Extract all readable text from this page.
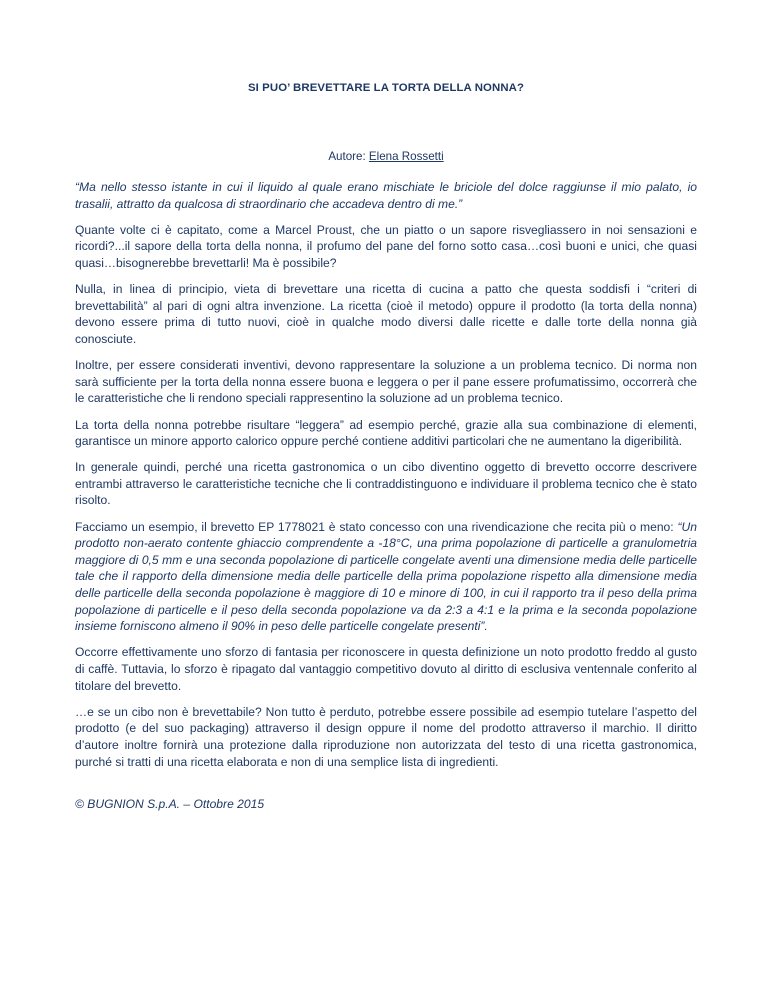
SI PUO’ BREVETTARE LA TORTA DELLA NONNA?
Autore: Elena Rossetti

“Ma nello stesso istante in cui il liquido al quale erano mischiate le briciole del dolce raggiunse il mio palato, io trasalii, attratto da qualcosa di straordinario che accadeva dentro di me.”

Quante volte ci è capitato, come a Marcel Proust, che un piatto o un sapore risvegliassero in noi sensazioni e ricordi?...il sapore della torta della nonna, il profumo del pane del forno sotto casa…così buoni e unici, che quasi quasi…bisognerebbe brevettarli! Ma è possibile?

Nulla, in linea di principio, vieta di brevettare una ricetta di cucina a patto che questa soddisfi i “criteri di brevettabilità” al pari di ogni altra invenzione. La ricetta (cioè il metodo) oppure il prodotto (la torta della nonna) devono essere prima di tutto nuovi, cioè in qualche modo diversi dalle ricette e dalle torte della nonna già conosciute.

Inoltre, per essere considerati inventivi, devono rappresentare la soluzione a un problema tecnico. Di norma non sarà sufficiente per la torta della nonna essere buona e leggera o per il pane essere profumatissimo, occorrerà che le caratteristiche che li rendono speciali rappresentino la soluzione ad un problema tecnico.

La torta della nonna potrebbe risultare “leggera” ad esempio perché, grazie alla sua combinazione di elementi, garantisce un minore apporto calorico oppure perché contiene additivi particolari che ne aumentano la digeribilità.

In generale quindi, perché una ricetta gastronomica o un cibo diventino oggetto di brevetto occorre descrivere entrambi attraverso le caratteristiche tecniche che li contraddistinguono e individuare il problema tecnico che è stato risolto.

Facciamo un esempio, il brevetto EP 1778021 è stato concesso con una rivendicazione che recita più o meno: “Un prodotto non-aerato contente ghiaccio comprendente a -18°C, una prima popolazione di particelle a granulometria maggiore di 0,5 mm e una seconda popolazione di particelle congelate aventi una dimensione media delle particelle tale che il rapporto della dimensione media delle particelle della prima popolazione rispetto alla dimensione media delle particelle della seconda popolazione è maggiore di 10 e minore di 100, in cui il rapporto tra il peso della prima popolazione di particelle e il peso della seconda popolazione va da 2:3 a 4:1 e la prima e la seconda popolazione insieme forniscono almeno il 90% in peso delle particelle congelate presenti”.

Occorre effettivamente uno sforzo di fantasia per riconoscere in questa definizione un noto prodotto freddo al gusto di caffè. Tuttavia, lo sforzo è ripagato dal vantaggio competitivo dovuto al diritto di esclusiva ventennale conferito al titolare del brevetto.

…e se un cibo non è brevettabile? Non tutto è perduto, potrebbe essere possibile ad esempio tutelare l’aspetto del prodotto (e del suo packaging) attraverso il design oppure il nome del prodotto attraverso il marchio. Il diritto d’autore inoltre fornirà una protezione dalla riproduzione non autorizzata del testo di una ricetta gastronomica, purché si tratti di una ricetta elaborata e non di una semplice lista di ingredienti.

© BUGNION S.p.A. – Ottobre 2015
